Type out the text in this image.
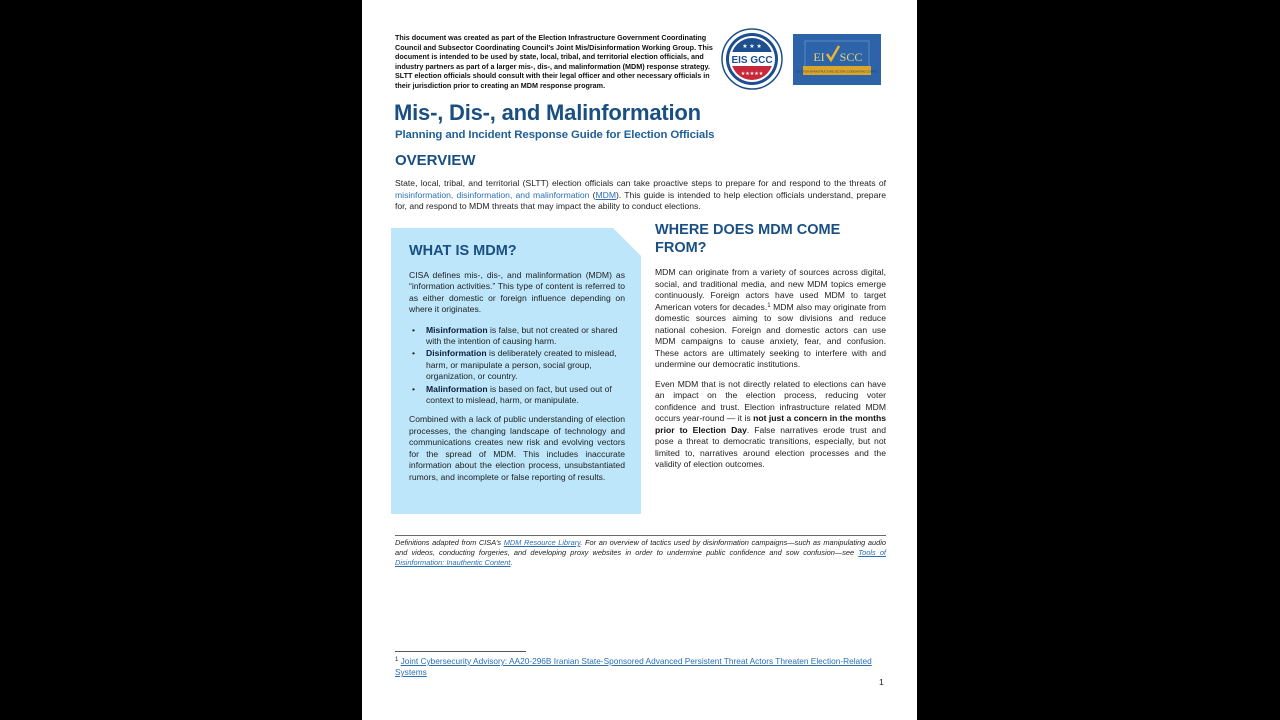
This document was created as part of the Election Infrastructure Government Coordinating Council and Subsector Coordinating Council's Joint Mis/Disinformation Working Group. This document is intended to be used by state, local, tribal, and territorial election officials, and industry partners as part of a larger mis-, dis-, and malinformation (MDM) response strategy. SLTT election officials should consult with their legal officer and other necessary officials in their jurisdiction prior to creating an MDM response program.
EIS GCC
★ ★ ★
★★★★★
EI SCC
ELECTION INFRASTRUCTURE SECTOR COORDINATING COUNCIL
Mis-, Dis-, and Malinformation
Planning and Incident Response Guide for Election Officials
OVERVIEW
State, local, tribal, and territorial (SLTT) election officials can take proactive steps to prepare for and respond to the threats of misinformation, disinformation, and malinformation (MDM). This guide is intended to help election officials understand, prepare for, and respond to MDM threats that may impact the ability to conduct elections.
WHAT IS MDM?

CISA defines mis-, dis-, and malinformation (MDM) as “information activities.” This type of content is referred to as either domestic or foreign influence depending on where it originates.

• Misinformation is false, but not created or shared with the intention of causing harm.
• Disinformation is deliberately created to mislead, harm, or manipulate a person, social group, organization, or country.
• Malinformation is based on fact, but used out of context to mislead, harm, or manipulate.

Combined with a lack of public understanding of election processes, the changing landscape of technology and communications creates new risk and evolving vectors for the spread of MDM. This includes inaccurate information about the election process, unsubstantiated rumors, and incomplete or false reporting of results.

WHERE DOES MDM COME FROM?

MDM can originate from a variety of sources across digital, social, and traditional media, and new MDM topics emerge continuously. Foreign actors have used MDM to target American voters for decades.$^1$ MDM also may originate from domestic sources aiming to sow divisions and reduce national cohesion. Foreign and domestic actors can use MDM campaigns to cause anxiety, fear, and confusion. These actors are ultimately seeking to interfere with and undermine our democratic institutions.

Even MDM that is not directly related to elections can have an impact on the election process, reducing voter confidence and trust. Election infrastructure related MDM occurs year-round — it is not just a concern in the months prior to Election Day. False narratives erode trust and pose a threat to democratic transitions, especially, but not limited to, narratives around election processes and the validity of election outcomes.

Definitions adapted from CISA’s MDM Resource Library. For an overview of tactics used by disinformation campaigns—such as manipulating audio and videos, conducting forgeries, and developing proxy websites in order to undermine public confidence and sow confusion—see Tools of Disinformation: Inauthentic Content.
$^1$ Joint Cybersecurity Advisory: AA20-296B Iranian State-Sponsored Advanced Persistent Threat Actors Threaten Election-Related Systems
1
